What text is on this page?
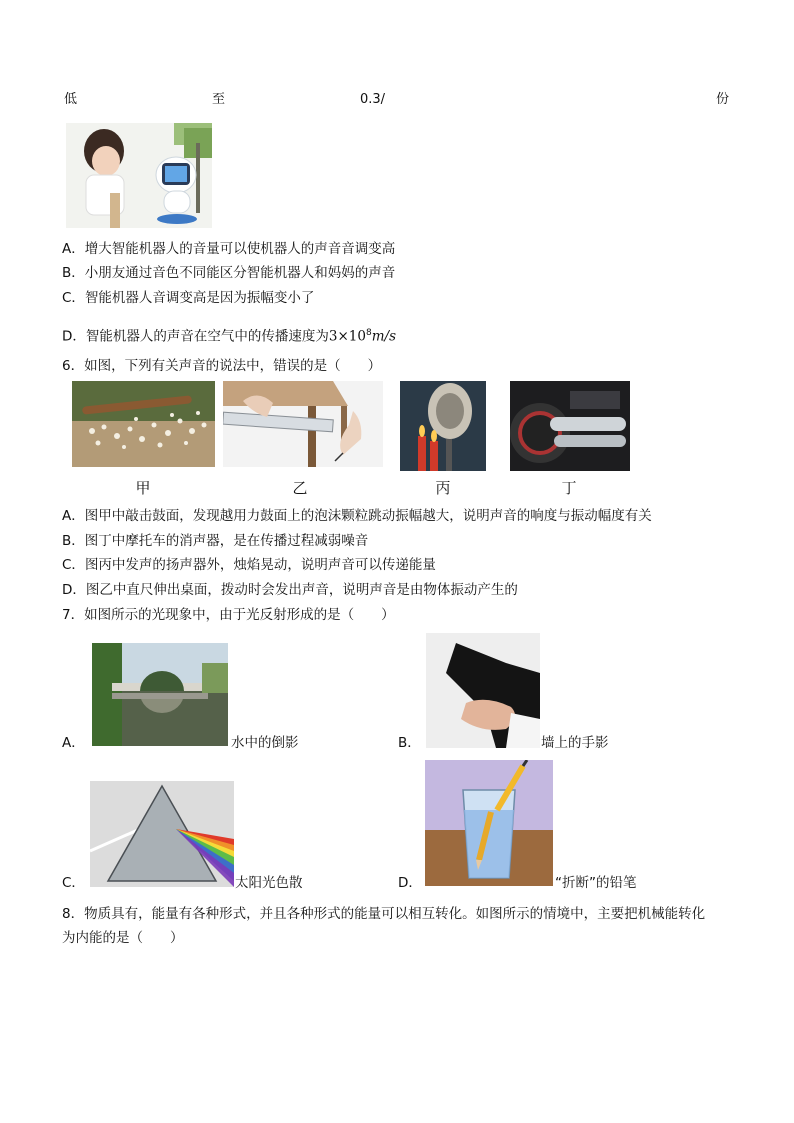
低	至	0.3/	份
A．增大智能机器人的音量可以使机器人的声音音调变高
B．小朋友通过音色不同能区分智能机器人和妈妈的声音
C．智能机器人音调变高是因为振幅变小了
D．智能机器人的声音在空气中的传播速度为$3\times 10^8m/s$
6．如图，下列有关声音的说法中，错误的是（　　）
甲	乙	丙	丁
A．图甲中敲击鼓面，发现越用力鼓面上的泡沫颗粒跳动振幅越大，说明声音的响度与振动幅度有关
B．图丁中摩托车的消声器，是在传播过程减弱噪音
C．图丙中发声的扬声器外，烛焰晃动，说明声音可以传递能量
D．图乙中直尺伸出桌面，拨动时会发出声音，说明声音是由物体振动产生的
7．如图所示的光现象中，由于光反射形成的是（　　）
A．	水中的倒影	B．	墙上的手影
C．	太阳光色散	D．	“折断”的铅笔
8．物质具有，能量有各种形式，并且各种形式的能量可以相互转化。如图所示的情境中，主要把机械能转化
为内能的是（　　）
